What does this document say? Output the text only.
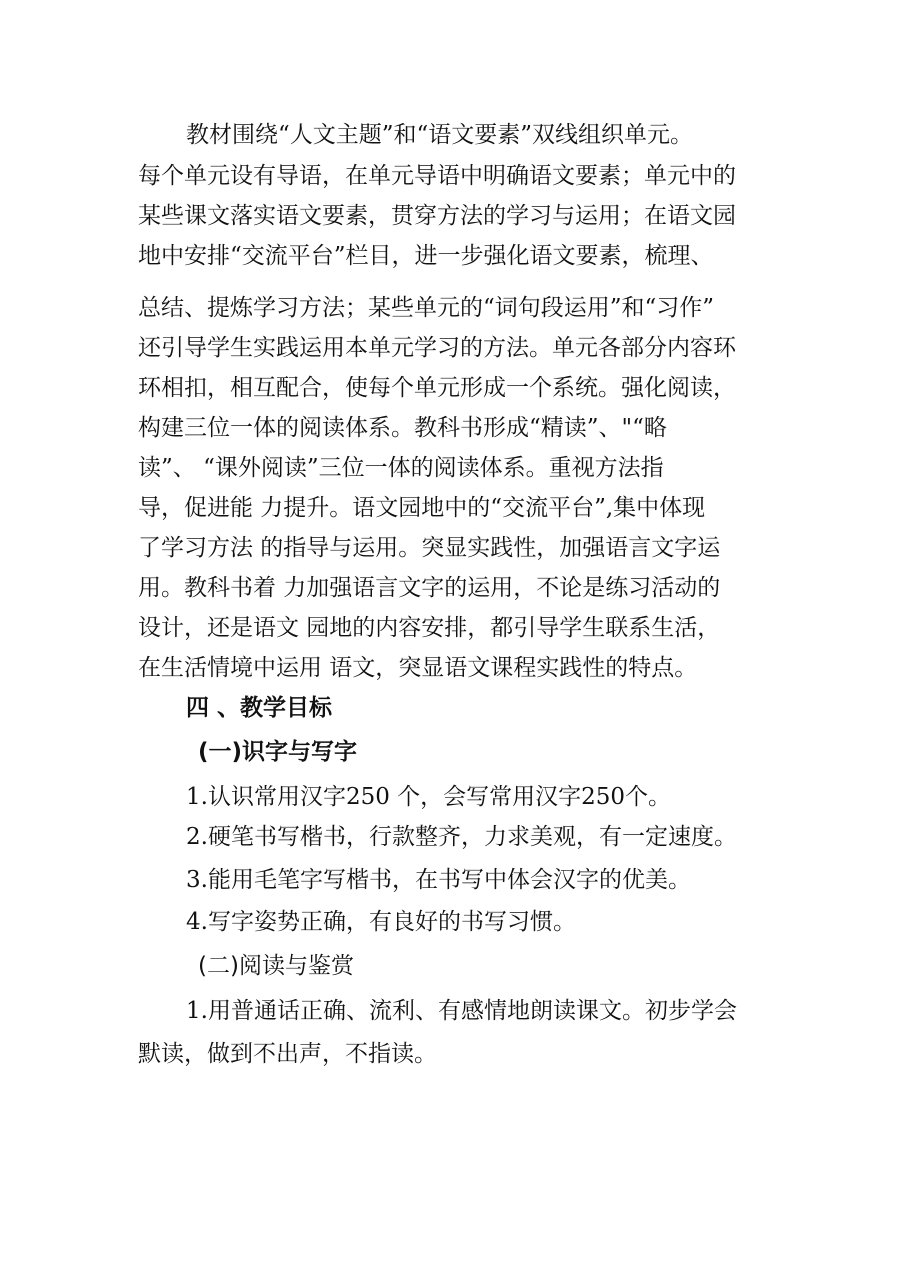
教材围绕“人文主题”和“语文要素”双线组织单元。
每个单元设有导语，在单元导语中明确语文要素；单元中的
某些课文落实语文要素，贯穿方法的学习与运用；在语文园
地中安排“交流平台”栏目，进一步强化语文要素，梳理、
总结、提炼学习方法；某些单元的“词句段运用”和“习作”
还引导学生实践运用本单元学习的方法。单元各部分内容环
环相扣，相互配合，使每个单元形成一个系统。强化阅读，
构建三位一体的阅读体系。教科书形成“精读”、"“略
读”、 “课外阅读”三位一体的阅读体系。重视方法指
导，促进能 力提升。语文园地中的“交流平台”,集中体现
了学习方法 的指导与运用。突显实践性，加强语言文字运
用。教科书着 力加强语言文字的运用，不论是练习活动的
设计，还是语文 园地的内容安排，都引导学生联系生活，
在生活情境中运用 语文，突显语文课程实践性的特点。
四 、教学目标
(一)识字与写字
1.认识常用汉字250 个，会写常用汉字250个。
2.硬笔书写楷书，行款整齐，力求美观，有一定速度。
3.能用毛笔字写楷书，在书写中体会汉字的优美。
4.写字姿势正确，有良好的书写习惯。
(二)阅读与鉴赏
1.用普通话正确、流利、有感情地朗读课文。初步学会
默读，做到不出声，不指读。
